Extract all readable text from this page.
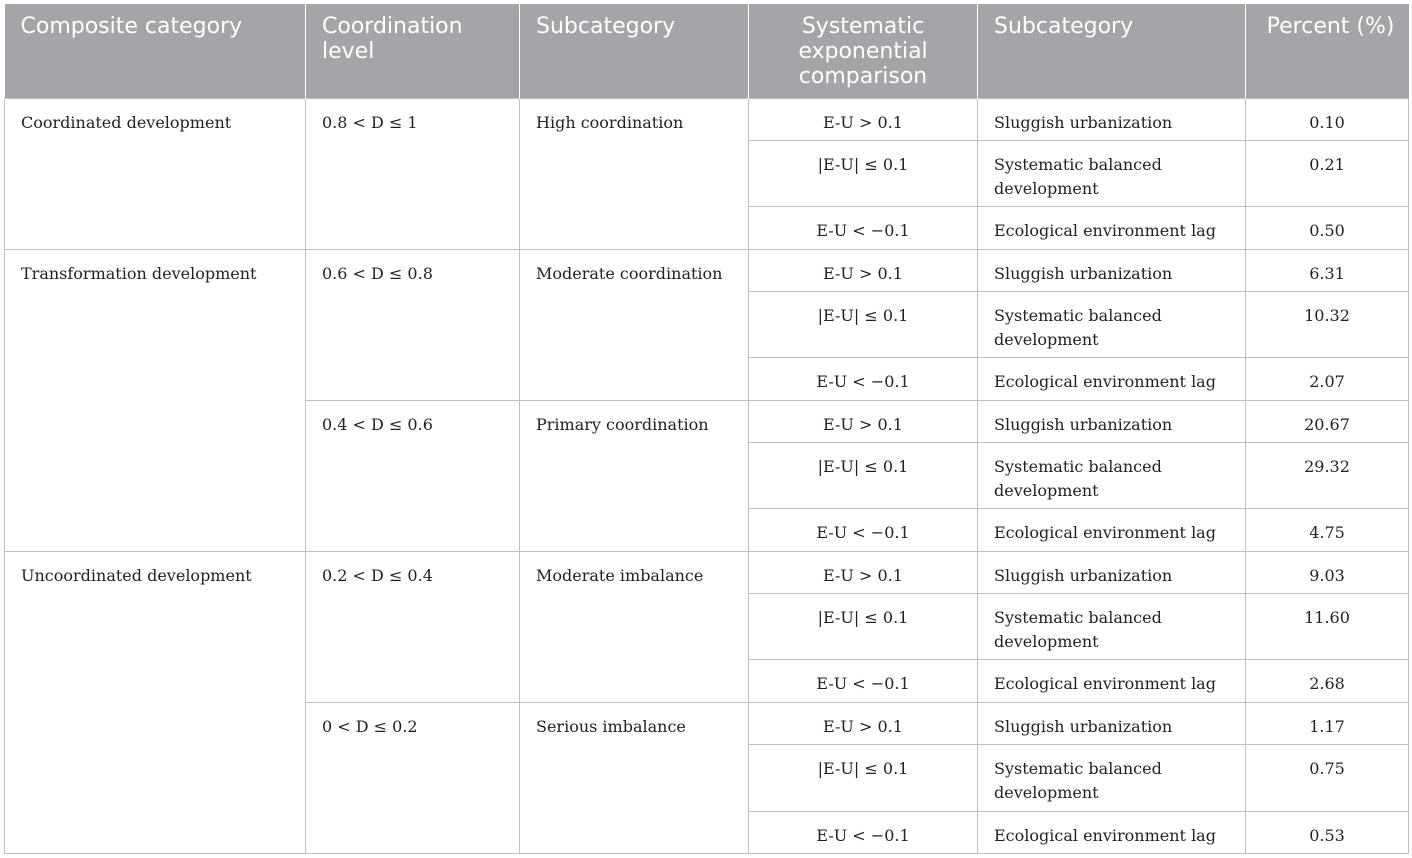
Composite category	Coordination level	Subcategory	Systematic exponential comparison	Subcategory	Percent (%)
Coordinated development	0.8 < D ≤ 1	High coordination	E-U > 0.1	Sluggish urbanization	0.10
			|E-U| ≤ 0.1	Systematic balanced development	0.21
			E-U < −0.1	Ecological environment lag	0.50
Transformation development	0.6 < D ≤ 0.8	Moderate coordination	E-U > 0.1	Sluggish urbanization	6.31
			|E-U| ≤ 0.1	Systematic balanced development	10.32
			E-U < −0.1	Ecological environment lag	2.07
	0.4 < D ≤ 0.6	Primary coordination	E-U > 0.1	Sluggish urbanization	20.67
			|E-U| ≤ 0.1	Systematic balanced development	29.32
			E-U < −0.1	Ecological environment lag	4.75
Uncoordinated development	0.2 < D ≤ 0.4	Moderate imbalance	E-U > 0.1	Sluggish urbanization	9.03
			|E-U| ≤ 0.1	Systematic balanced development	11.60
			E-U < −0.1	Ecological environment lag	2.68
	0 < D ≤ 0.2	Serious imbalance	E-U > 0.1	Sluggish urbanization	1.17
			|E-U| ≤ 0.1	Systematic balanced development	0.75
			E-U < −0.1	Ecological environment lag	0.53
